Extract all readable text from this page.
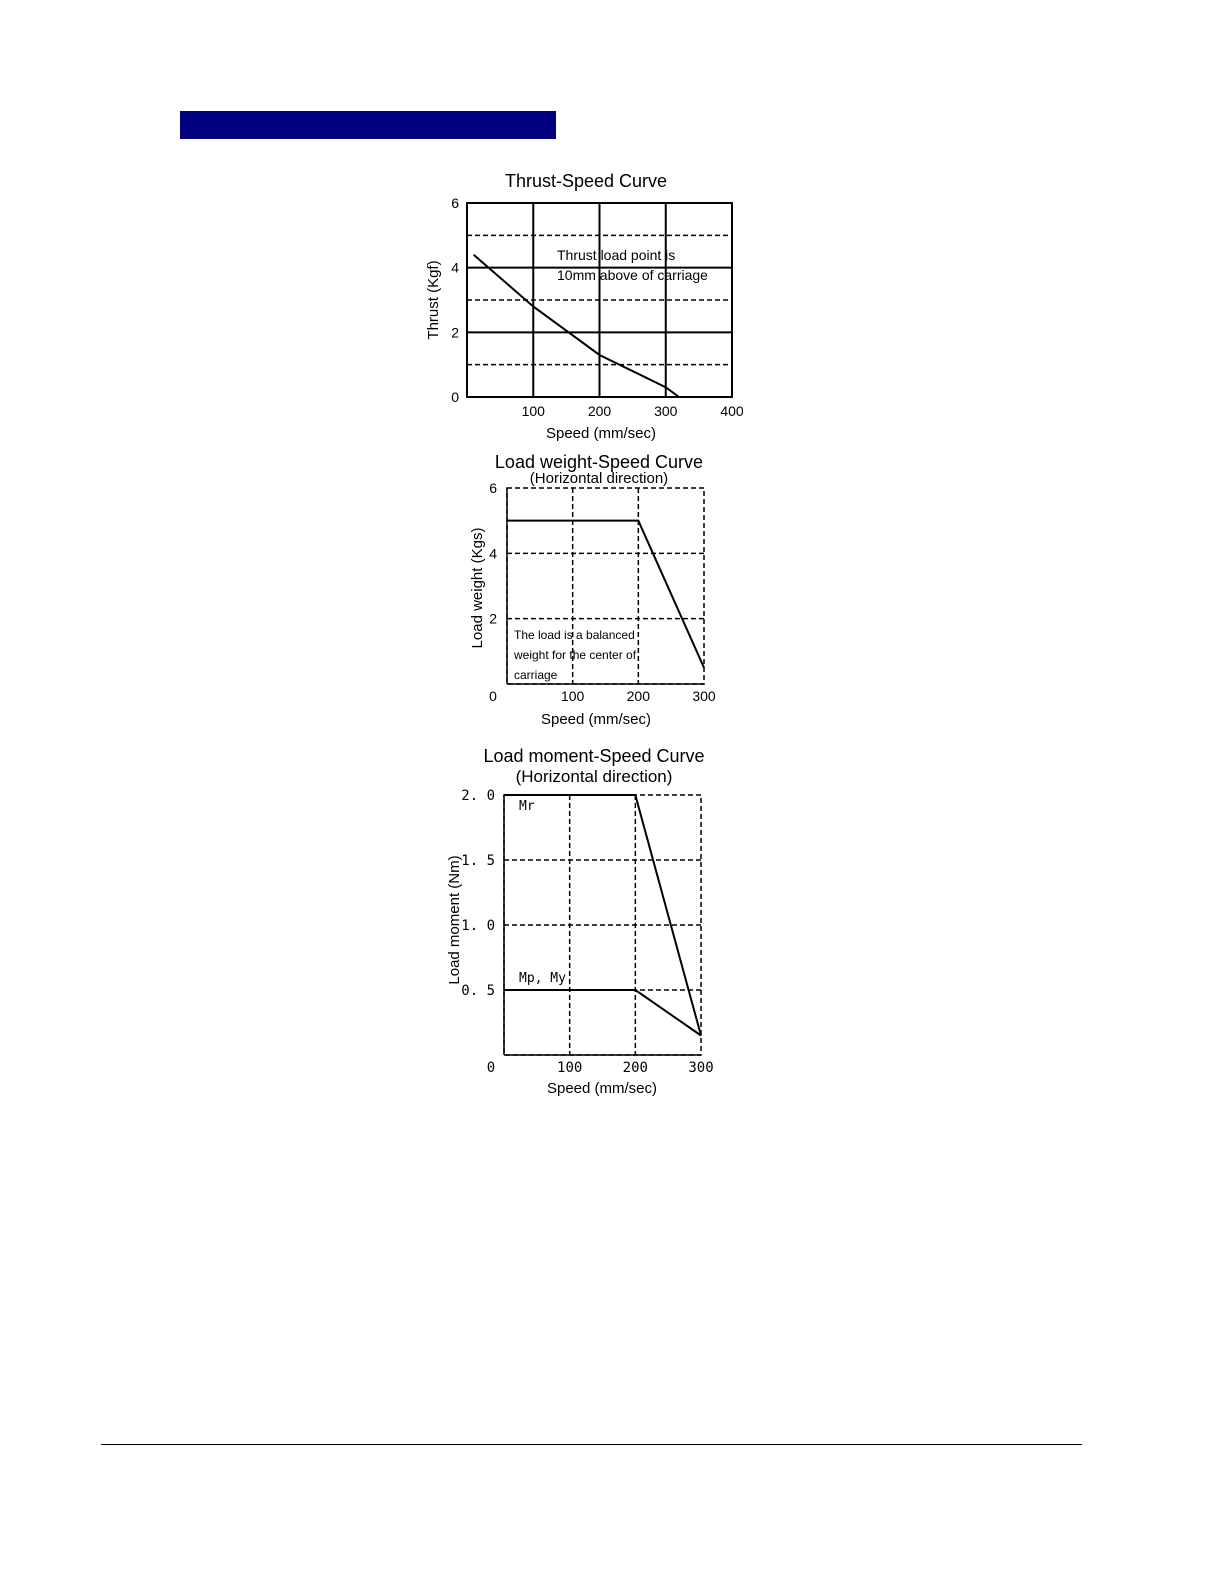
Thrust-Speed Curve
100	200	300	400
0
2
4
6
Thrust load point is
10mm above of carriage
Speed (mm/sec)
Thrust (Kgf)
Load weight-Speed Curve
(Horizontal direction)
100	200	300
2
4
6
0
The load is a balanced
weight for the center of
carriage
Speed (mm/sec)
Load weight (Kgs)
Load moment-Speed Curve
(Horizontal direction)
100	200	300
0. 5
1. 0
1. 5
2. 0
0
Mr
Mp, My
Speed (mm/sec)
Load moment (Nm)
